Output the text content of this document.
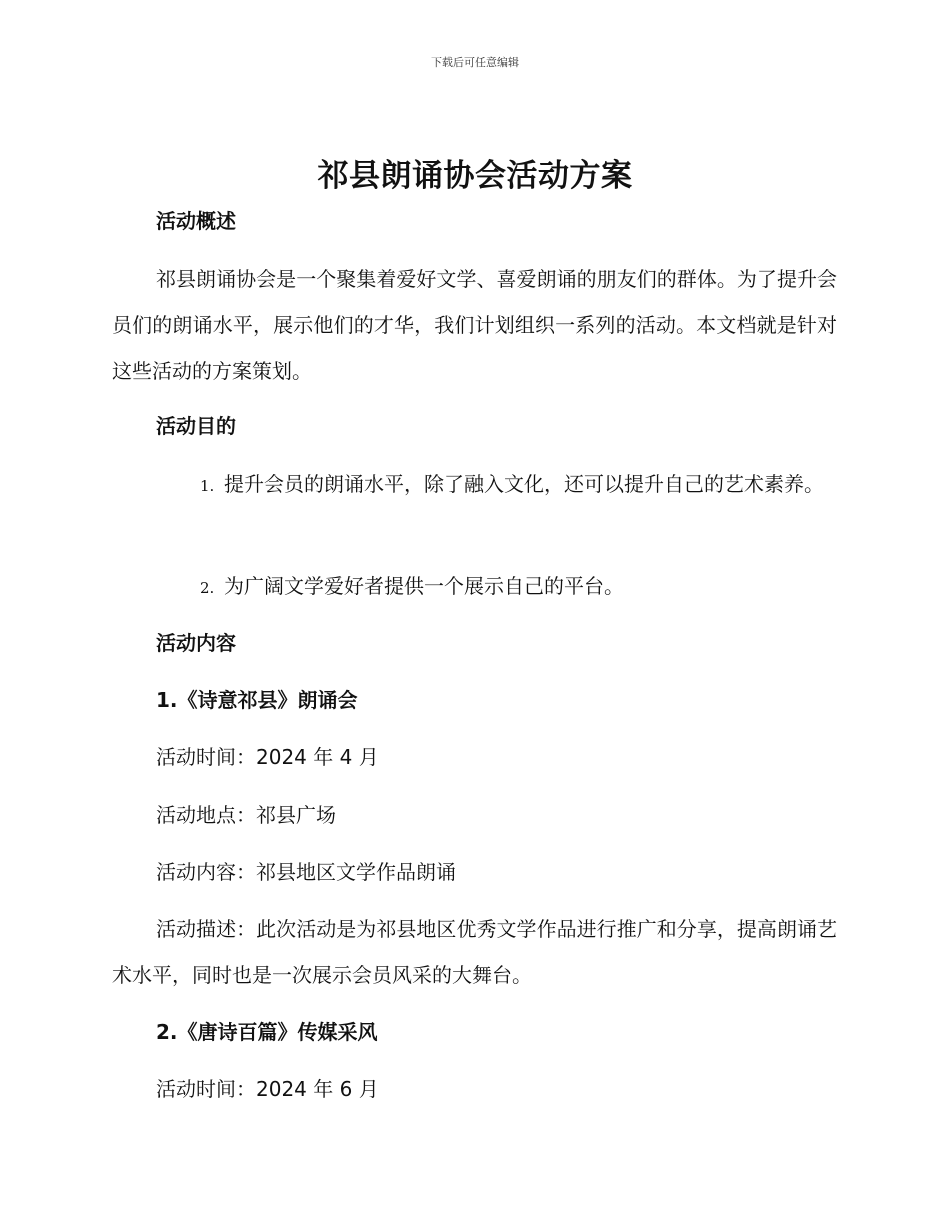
下载后可任意编辑
祁县朗诵协会活动方案
活动概述
祁县朗诵协会是一个聚集着爱好文学、喜爱朗诵的朋友们的群体。为了提升会员们的朗诵水平，展示他们的才华，我们计划组织一系列的活动。本文档就是针对这些活动的方案策划。
活动目的
1. 提升会员的朗诵水平，除了融入文化，还可以提升自己的艺术素养。
2. 为广阔文学爱好者提供一个展示自己的平台。
活动内容
1.《诗意祁县》朗诵会
活动时间：2024 年 4 月
活动地点：祁县广场
活动内容：祁县地区文学作品朗诵
活动描述：此次活动是为祁县地区优秀文学作品进行推广和分享，提高朗诵艺术水平，同时也是一次展示会员风采的大舞台。
2.《唐诗百篇》传媒采风
活动时间：2024 年 6 月
